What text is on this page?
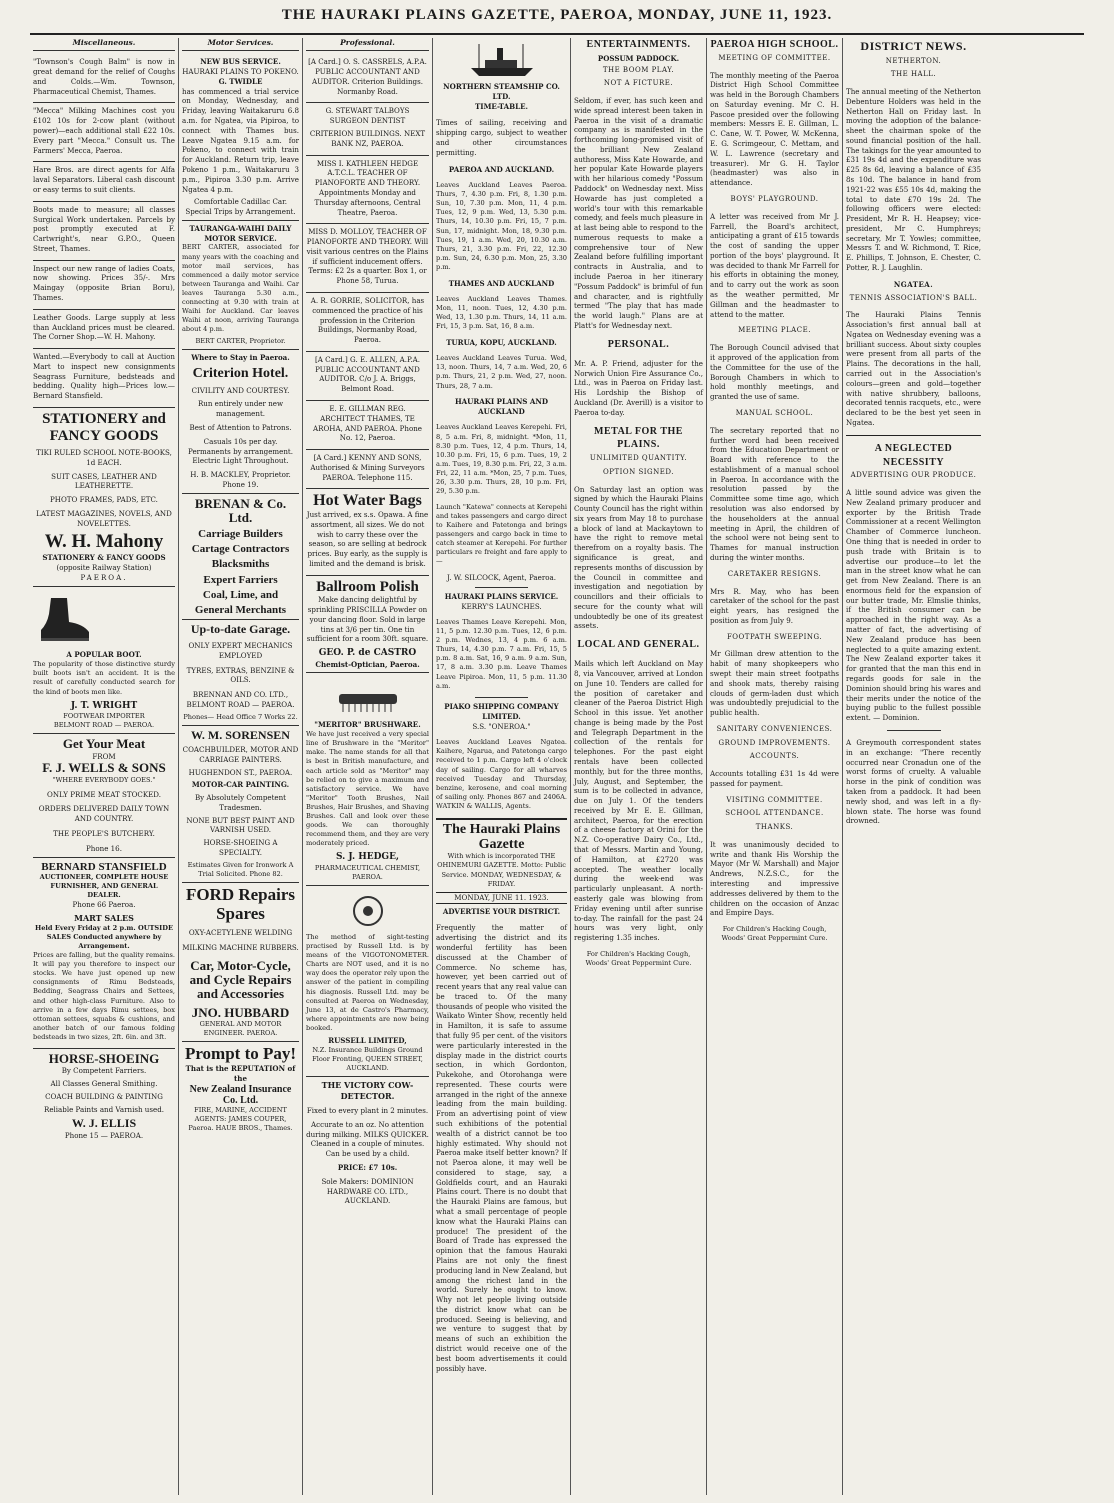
THE HAURAKI PLAINS GAZETTE, PAEROA, MONDAY, JUNE 11, 1923.
Miscellaneous.

"Townson's Cough Balm" is now in great demand for the relief of Coughs and Colds.—Wm. Townson, Pharmaceutical Chemist, Thames.

"Mecca" Milking Machines cost you £102 10s for 2-cow plant (without power)—each additional stall £22 10s. Every part "Mecca." Consult us. The Farmers' Mecca, Paeroa.

Hare Bros. are direct agents for Alfa laval Separators. Liberal cash discount or easy terms to suit clients.

Boots made to measure; all classes Surgical Work undertaken. Parcels by post promptly executed at F. Cartwright's, near G.P.O., Queen Street, Thames.

Inspect our new range of ladies Coats, now showing. Prices 35/-. Mrs Maingay (opposite Brian Boru), Thames.

Leather Goods. Large supply at less than Auckland prices must be cleared. The Corner Shop.—W. H. Mahony.

Wanted.—Everybody to call at Auction Mart to inspect new consignments Seagrass Furniture, bedsteads and bedding. Quality high—Prices low.—Bernard Stansfield.

STATIONERY and FANCY GOODS
TIKI RULED SCHOOL NOTE-BOOKS, 1d EACH.
SUIT CASES, LEATHER AND LEATHERETTE.
PHOTO FRAMES, PADS, ETC.
LATEST MAGAZINES, NOVELS, AND NOVELETTES.
W. H. Mahony
STATIONERY & FANCY GOODS
(opposite Railway Station)
PAEROA.
A POPULAR BOOT.

The popularity of those distinctive sturdy built boots isn't an accident. It is the result of carefully conducted search for the kind of boots men like.

J. T. WRIGHT
FOOTWEAR IMPORTER
BELMONT ROAD — PAEROA.
Get Your Meat
FROM
F. J. WELLS & SONS
"WHERE EVERYBODY GOES."
ONLY PRIME MEAT STOCKED.
ORDERS DELIVERED DAILY TOWN AND COUNTRY.
THE PEOPLE'S BUTCHERY.
Phone 16.
BERNARD STANSFIELD
AUCTIONEER, COMPLETE HOUSE FURNISHER, AND GENERAL DEALER.
Phone 66 Paeroa.
MART SALES
Held Every Friday at 2 p.m. OUTSIDE SALES Conducted anywhere by Arrangement.

Prices are falling, but the quality remains. It will pay you therefore to inspect our stocks. We have just opened up new consignments of Rimu Bedsteads, Bedding, Seagrass Chairs and Settees, and other high-class Furniture. Also to arrive in a few days Rimu settees, box ottoman settees, squabs & cushions, and another batch of our famous folding bedsteads in two sizes, 2ft. 6in. and 3ft.

HORSE-SHOEING
By Competent Farriers.
All Classes General Smithing.
COACH BUILDING & PAINTING
Reliable Paints and Varnish used.
W. J. ELLIS
Phone 15 — PAEROA.
Motor Services.
NEW BUS SERVICE.
HAURAKI PLAINS TO POKENO.
G. TWIDLE

has commenced a trial service on Monday, Wednesday, and Friday, leaving Waitakaruru 6.8 a.m. for Ngatea, via Pipiroa, to connect with Thames bus. Leave Ngatea 9.15 a.m. for Pokeno, to connect with train for Auckland. Return trip, leave Pokeno 1 p.m., Waitakaruru 3 p.m., Pipiroa 3.30 p.m. Arrive Ngatea 4 p.m.

Comfortable Cadillac Car. Special Trips by Arrangement.
TAURANGA-WAIHI DAILY MOTOR SERVICE.

BERT CARTER, associated for many years with the coaching and motor mail services, has commenced a daily motor service between Tauranga and Waihi. Car leaves Tauranga 5.30 a.m., connecting at 9.30 with train at Waihi for Auckland. Car leaves Waihi at noon, arriving Tauranga about 4 p.m.

BERT CARTER, Proprietor.
Where to Stay in Paeroa.
Criterion Hotel.
CIVILITY AND COURTESY.
Run entirely under new management.
Best of Attention to Patrons.
Casuals 10s per day. Permanents by arrangement. Electric Light Throughout.
H. B. MACKLEY, Proprietor. Phone 19.
BRENAN & Co. Ltd.
Carriage Builders
Cartage Contractors
Blacksmiths
Expert Farriers
Coal, Lime, and
General Merchants
Up-to-date Garage.
ONLY EXPERT MECHANICS EMPLOYED
TYRES, EXTRAS, BENZINE & OILS.
BRENNAN AND CO. LTD.,
BELMONT ROAD — PAEROA.
Phones— Head Office 7 Works 22.
W. M. SORENSEN
COACHBUILDER, MOTOR AND CARRIAGE PAINTERS.
HUGHENDON ST., PAEROA.
MOTOR-CAR PAINTING.
By Absolutely Competent Tradesmen.
NONE BUT BEST PAINT AND VARNISH USED.
HORSE-SHOEING A SPECIALTY.
Estimates Given for Ironwork A Trial Solicited. Phone 82.
FORD Repairs Spares
OXY-ACETYLENE WELDING
MILKING MACHINE RUBBERS.
Car, Motor-Cycle, and Cycle Repairs and Accessories
JNO. HUBBARD
GENERAL AND MOTOR ENGINEER. PAEROA.
Prompt to Pay!
That is the REPUTATION of the
New Zealand Insurance Co. Ltd.
FIRE, MARINE, ACCIDENT
AGENTS: JAMES COUPER, Paeroa. HAUE BROS., Thames.
Professional.

[A Card.] O. S. CASSRELS, A.P.A. PUBLIC ACCOUNTANT AND AUDITOR. Criterion Buildings. Normanby Road.

G. STEWART TALBOYS SURGEON DENTIST

CRITERION BUILDINGS. NEXT BANK NZ, PAEROA.

MISS I. KATHLEEN HEDGE A.T.C.L. TEACHER OF PIANOFORTE AND THEORY. Appointments Monday and Thursday afternoons, Central Theatre, Paeroa.

MISS D. MOLLOY, TEACHER OF PIANOFORTE AND THEORY. Will visit various centres on the Plains if sufficient inducement offers. Terms: £2 2s a quarter. Box 1, or Phone 58, Turua.

A. R. GORRIE, SOLICITOR, has commenced the practice of his profession in the Criterion Buildings, Normanby Road, Paeroa.

[A Card.] G. E. ALLEN, A.P.A. PUBLIC ACCOUNTANT AND AUDITOR. C/o J. A. Briggs, Belmont Road.

E. E. GILLMAN REG. ARCHITECT THAMES, TE AROHA, AND PAEROA. Phone No. 12, Paeroa.

[A Card.] KENNY AND SONS, Authorised & Mining Surveyors PAEROA. Telephone 115.

Hot Water Bags

Just arrived, ex s.s. Opawa. A fine assortment, all sizes. We do not wish to carry these over the season, so are selling at bedrock prices. Buy early, as the supply is limited and the demand is brisk.

Ballroom Polish

Make dancing delightful by sprinkling PRISCILLA Powder on your dancing floor. Sold in large tins at 3/6 per tin. One tin sufficient for a room 30ft. square.

GEO. P. de CASTRO
Chemist-Optician, Paeroa.
"MERITOR" BRUSHWARE.

We have just received a very special line of Brushware in the "Meritor" make. The name stands for all that is best in British manufacture, and each article sold as "Meritor" may be relied on to give a maximum and satisfactory service. We have "Meritor" Tooth Brushes, Nail Brushes, Hair Brushes, and Shaving Brushes. Call and look over these goods. We can thoroughly recommend them, and they are very moderately priced.

S. J. HEDGE,
PHARMACEUTICAL CHEMIST, PAEROA.

The method of sight-testing practised by Russell Ltd. is by means of the VIGOTONOMETER. Charts are NOT used, and it is no way does the operator rely upon the answer of the patient in compiling his diagnosis. Russell Ltd. may be consulted at Paeroa on Wednesday, June 13, at de Castro's Pharmacy, where appointments are now being booked.

RUSSELL LIMITED,
N.Z. Insurance Buildings Ground Floor Fronting, QUEEN STREET, AUCKLAND.
THE VICTORY COW-DETECTOR.
Fixed to every plant in 2 minutes.
Accurate to an oz. No attention during milking. MILKS QUICKER. Cleaned in a couple of minutes. Can be used by a child.
PRICE: £7 10s.
Sole Makers: DOMINION HARDWARE CO. LTD., AUCKLAND.
NORTHERN STEAMSHIP CO. LTD.
TIME-TABLE.

Times of sailing, receiving and shipping cargo, subject to weather and other circumstances permitting.

PAEROA AND AUCKLAND.

Leaves Auckland Leaves Paeroa. Thurs, 7, 4.30 p.m. Fri, 8, 1.30 p.m. Sun, 10, 7.30 p.m. Mon, 11, 4 p.m. Tues, 12, 9 p.m. Wed, 13, 5.30 p.m. Thurs, 14, 10.30 p.m. Fri, 15, 7 p.m. Sun, 17, midnight. Mon, 18, 9.30 p.m. Tues, 19, 1 a.m. Wed, 20, 10.30 a.m. Thurs, 21, 3.30 p.m. Fri, 22, 12.30 p.m. Sun, 24, 6.30 p.m. Mon, 25, 3.30 p.m.

THAMES AND AUCKLAND

Leaves Auckland Leaves Thames. Mon, 11, noon. Tues, 12, 4.30 p.m. Wed, 13, 1.30 p.m. Thurs, 14, 11 a.m. Fri, 15, 3 p.m. Sat, 16, 8 a.m.

TURUA, KOPU, AUCKLAND.

Leaves Auckland Leaves Turua. Wed, 13, noon. Thurs, 14, 7 a.m. Wed, 20, 6 p.m. Thurs, 21, 2 p.m. Wed, 27, noon. Thurs, 28, 7 a.m.

HAURAKI PLAINS AND AUCKLAND

Leaves Auckland Leaves Kerepehi. Fri, 8, 5 a.m. Fri, 8, midnight. *Mon, 11, 8.30 p.m. Tues, 12, 4 p.m. Thurs, 14, 10.30 p.m. Fri, 15, 6 p.m. Tues, 19, 2 a.m. Tues, 19, 8.30 p.m. Fri, 22, 3 a.m. Fri, 22, 11 a.m. *Mon, 25, 7 p.m. Tues, 26, 3.30 p.m. Thurs, 28, 10 p.m. Fri, 29, 5.30 p.m.

Launch "Katewa" connects at Kerepehi and takes passengers and cargo direct to Kaihere and Patetonga and brings passengers and cargo back in time to catch steamer at Kerepehi. For further particulars re freight and fare apply to—

J. W. SILCOCK, Agent, Paeroa.
HAURAKI PLAINS SERVICE.
KERRY'S LAUNCHES.

Leaves Thames Leave Kerepehi. Mon, 11, 5 p.m. 12.30 p.m. Tues, 12, 6 p.m. 2 p.m. Wednes, 13, 4 p.m. 6 a.m. Thurs, 14, 4.30 p.m. 7 a.m. Fri, 15, 5 p.m. 8 a.m. Sat, 16, 9 a.m. 9 a.m. Sun, 17, 8 a.m. 3.30 p.m. Leave Thames Leave Pipiroa. Mon, 11, 5 p.m. 11.30 a.m.

PIAKO SHIPPING COMPANY LIMITED.
S.S. "ONEROA."

Leaves Auckland Leaves Ngatea. Kaihere, Ngarua, and Patetonga cargo received to 1 p.m. Cargo left 4 o'clock day of sailing. Cargo for all wharves received Tuesday and Thursday, benzine, kerosene, and coal morning of sailing only. Phones 867 and 2406A. WATKIN & WALLIS, Agents.

The Hauraki Plains Gazette
With which is incorporated THE OHINEMURI GAZETTE. Motto: Public Service. MONDAY, WEDNESDAY, & FRIDAY.
MONDAY, JUNE 11. 1923.
ADVERTISE YOUR DISTRICT.

Frequently the matter of advertising the district and its wonderful fertility has been discussed at the Chamber of Commerce. No scheme has, however, yet been carried out of recent years that any real value can be traced to. Of the many thousands of people who visited the Waikato Winter Show, recently held in Hamilton, it is safe to assume that fully 95 per cent. of the visitors were particularly interested in the display made in the district courts section, in which Gordonton, Pukekohe, and Otorohanga were represented. These courts were arranged in the right of the annexe leading from the main building. From an advertising point of view such exhibitions of the potential wealth of a district cannot be too highly estimated. Why should not Paeroa make itself better known? If not Paeroa alone, it may well be considered to stage, say, a Goldfields court, and an Hauraki Plains court. There is no doubt that the Hauraki Plains are famous, but what a small percentage of people know what the Hauraki Plains can produce! The president of the Board of Trade has expressed the opinion that the famous Hauraki Plains are not only the finest producing land in New Zealand, but among the richest land in the world. Surely he ought to know. Why not let people living outside the district know what can be produced. Seeing is believing, and we venture to suggest that by means of such an exhibition the district would receive one of the best boom advertisements it could possibly have.

ENTERTAINMENTS.
POSSUM PADDOCK.
THE BOOM PLAY.
NOT A FICTURE.

Seldom, if ever, has such keen and wide spread interest been taken in Paeroa in the visit of a dramatic company as is manifested in the forthcoming long-promised visit of the brilliant New Zealand authoress, Miss Kate Howarde, and her popular Kate Howarde players with her hilarious comedy "Possum Paddock" on Wednesday next. Miss Howarde has just completed a world's tour with this remarkable comedy, and feels much pleasure in at last being able to respond to the numerous requests to make a comprehensive tour of New Zealand before fulfilling important contracts in Australia, and to include Paeroa in her itinerary "Possum Paddock" is brimful of fun and character, and is rightfully termed "The play that has made the world laugh." Plans are at Platt's for Wednesday next.

PERSONAL.

Mr. A. P. Friend, adjuster for the Norwich Union Fire Assurance Co., Ltd., was in Paeroa on Friday last. His Lordship the Bishop of Auckland (Dr. Averill) is a visitor to Paeroa to-day.

METAL FOR THE PLAINS.
UNLIMITED QUANTITY.
OPTION SIGNED.

On Saturday last an option was signed by which the Hauraki Plains County Council has the right within six years from May 18 to purchase a block of land at Mackaytown to have the right to remove metal therefrom on a royalty basis. The significance is great, and represents months of discussion by the Council in committee and investigation and negotiation by councillors and their officials to secure for the county what will undoubtedly be one of its greatest assets.

LOCAL AND GENERAL.

Mails which left Auckland on May 8, via Vancouver, arrived at London on June 10. Tenders are called for the position of caretaker and cleaner of the Paeroa District High School in this issue. Yet another change is being made by the Post and Telegraph Department in the collection of the rentals for telephones. For the past eight rentals have been collected monthly, but for the three months, July, August, and September, the sum is to be collected in advance, due on July 1. Of the tenders received by Mr E. E. Gillman, architect, Paeroa, for the erection of a cheese factory at Orini for the N.Z. Co-operative Dairy Co., Ltd., that of Messrs. Martin and Young, of Hamilton, at £2720 was accepted. The weather locally during the week-end was particularly unpleasant. A north-easterly gale was blowing from Friday evening until after sunrise to-day. The rainfall for the past 24 hours was very light, only registering 1.35 inches.

For Children's Hacking Cough, Woods' Great Peppermint Cure.
PAEROA HIGH SCHOOL.
MEETING OF COMMITTEE.

The monthly meeting of the Paeroa District High School Committee was held in the Borough Chambers on Saturday evening. Mr C. H. Pascoe presided over the following members: Messrs E. E. Gillman, L. C. Cane, W. T. Power, W. McKenna, E. G. Scrimgeour, C. Mettam, and W. L. Lawrence (secretary and treasurer). Mr G. H. Taylor (headmaster) was also in attendance.

BOYS' PLAYGROUND.

A letter was received from Mr J. Farrell, the Board's architect, anticipating a grant of £15 towards the cost of sanding the upper portion of the boys' playground. It was decided to thank Mr Farrell for his efforts in obtaining the money, and to carry out the work as soon as the weather permitted, Mr Gillman and the headmaster to attend to the matter.

MEETING PLACE.

The Borough Council advised that it approved of the application from the Committee for the use of the Borough Chambers in which to hold monthly meetings, and granted the use of same.

MANUAL SCHOOL.

The secretary reported that no further word had been received from the Education Department or Board with reference to the establishment of a manual school in Paeroa. In accordance with the resolution passed by the Committee some time ago, which resolution was also endorsed by the householders at the annual meeting in April, the children of the school were not being sent to Thames for manual instruction during the winter months.

CARETAKER RESIGNS.

Mrs R. May, who has been caretaker of the school for the past eight years, has resigned the position as from July 9.

FOOTPATH SWEEPING.

Mr Gillman drew attention to the habit of many shopkeepers who swept their main street footpaths and shook mats, thereby raising clouds of germ-laden dust which was undoubtedly prejudicial to the public health.

SANITARY CONVENIENCES.
GROUND IMPROVEMENTS.
ACCOUNTS.

Accounts totalling £31 1s 4d were passed for payment.

VISITING COMMITTEE.
SCHOOL ATTENDANCE.
THANKS.

It was unanimously decided to write and thank His Worship the Mayor (Mr W. Marshall) and Major Andrews, N.Z.S.C., for the interesting and impressive addresses delivered by them to the children on the occasion of Anzac and Empire Days.

For Children's Hacking Cough, Woods' Great Peppermint Cure.
DISTRICT NEWS.
NETHERTON.
THE HALL.

The annual meeting of the Netherton Debenture Holders was held in the Netherton Hall on Friday last. In moving the adoption of the balance-sheet the chairman spoke of the sound financial position of the hall. The takings for the year amounted to £31 19s 4d and the expenditure was £25 8s 6d, leaving a balance of £35 8s 10d. The balance in hand from 1921-22 was £55 10s 4d, making the total to date £70 19s 2d. The following officers were elected: President, Mr R. H. Heapsey; vice-president, Mr C. Humphreys; secretary, Mr T. Yowles; committee, Messrs T. and W. Richmond, T. Rice, E. Phillips, T. Johnson, E. Chester, C. Potter, R. J. Laughlin.

NGATEA.
TENNIS ASSOCIATION'S BALL.

The Hauraki Plains Tennis Association's first annual ball at Ngatea on Wednesday evening was a brilliant success. About sixty couples were present from all parts of the Plains. The decorations in the hall, carried out in the Association's colours—green and gold—together with native shrubbery, balloons, decorated tennis racquets, etc., were declared to be the best yet seen in Ngatea.

A NEGLECTED NECESSITY
ADVERTISING OUR PRODUCE.

A little sound advice was given the New Zealand primary producer and exporter by the British Trade Commissioner at a recent Wellington Chamber of Commerce luncheon. One thing that is needed in order to push trade with Britain is to advertise our produce—to let the man in the street know what he can get from New Zealand. There is an enormous field for the expansion of our butter trade, Mr. Elmslie thinks, if the British consumer can be approached in the right way. As a matter of fact, the advertising of New Zealand produce has been neglected to a quite amazing extent. The New Zealand exporter takes it for granted that the man this end in regards goods for sale in the Dominion should bring his wares and their merits under the notice of the buying public to the fullest possible extent. — Dominion.

A Greymouth correspondent states in an exchange: "There recently occurred near Cronadun one of the worst forms of cruelty. A valuable horse in the pink of condition was taken from a paddock. It had been newly shod, and was left in a fly-blown state. The horse was found drowned.
